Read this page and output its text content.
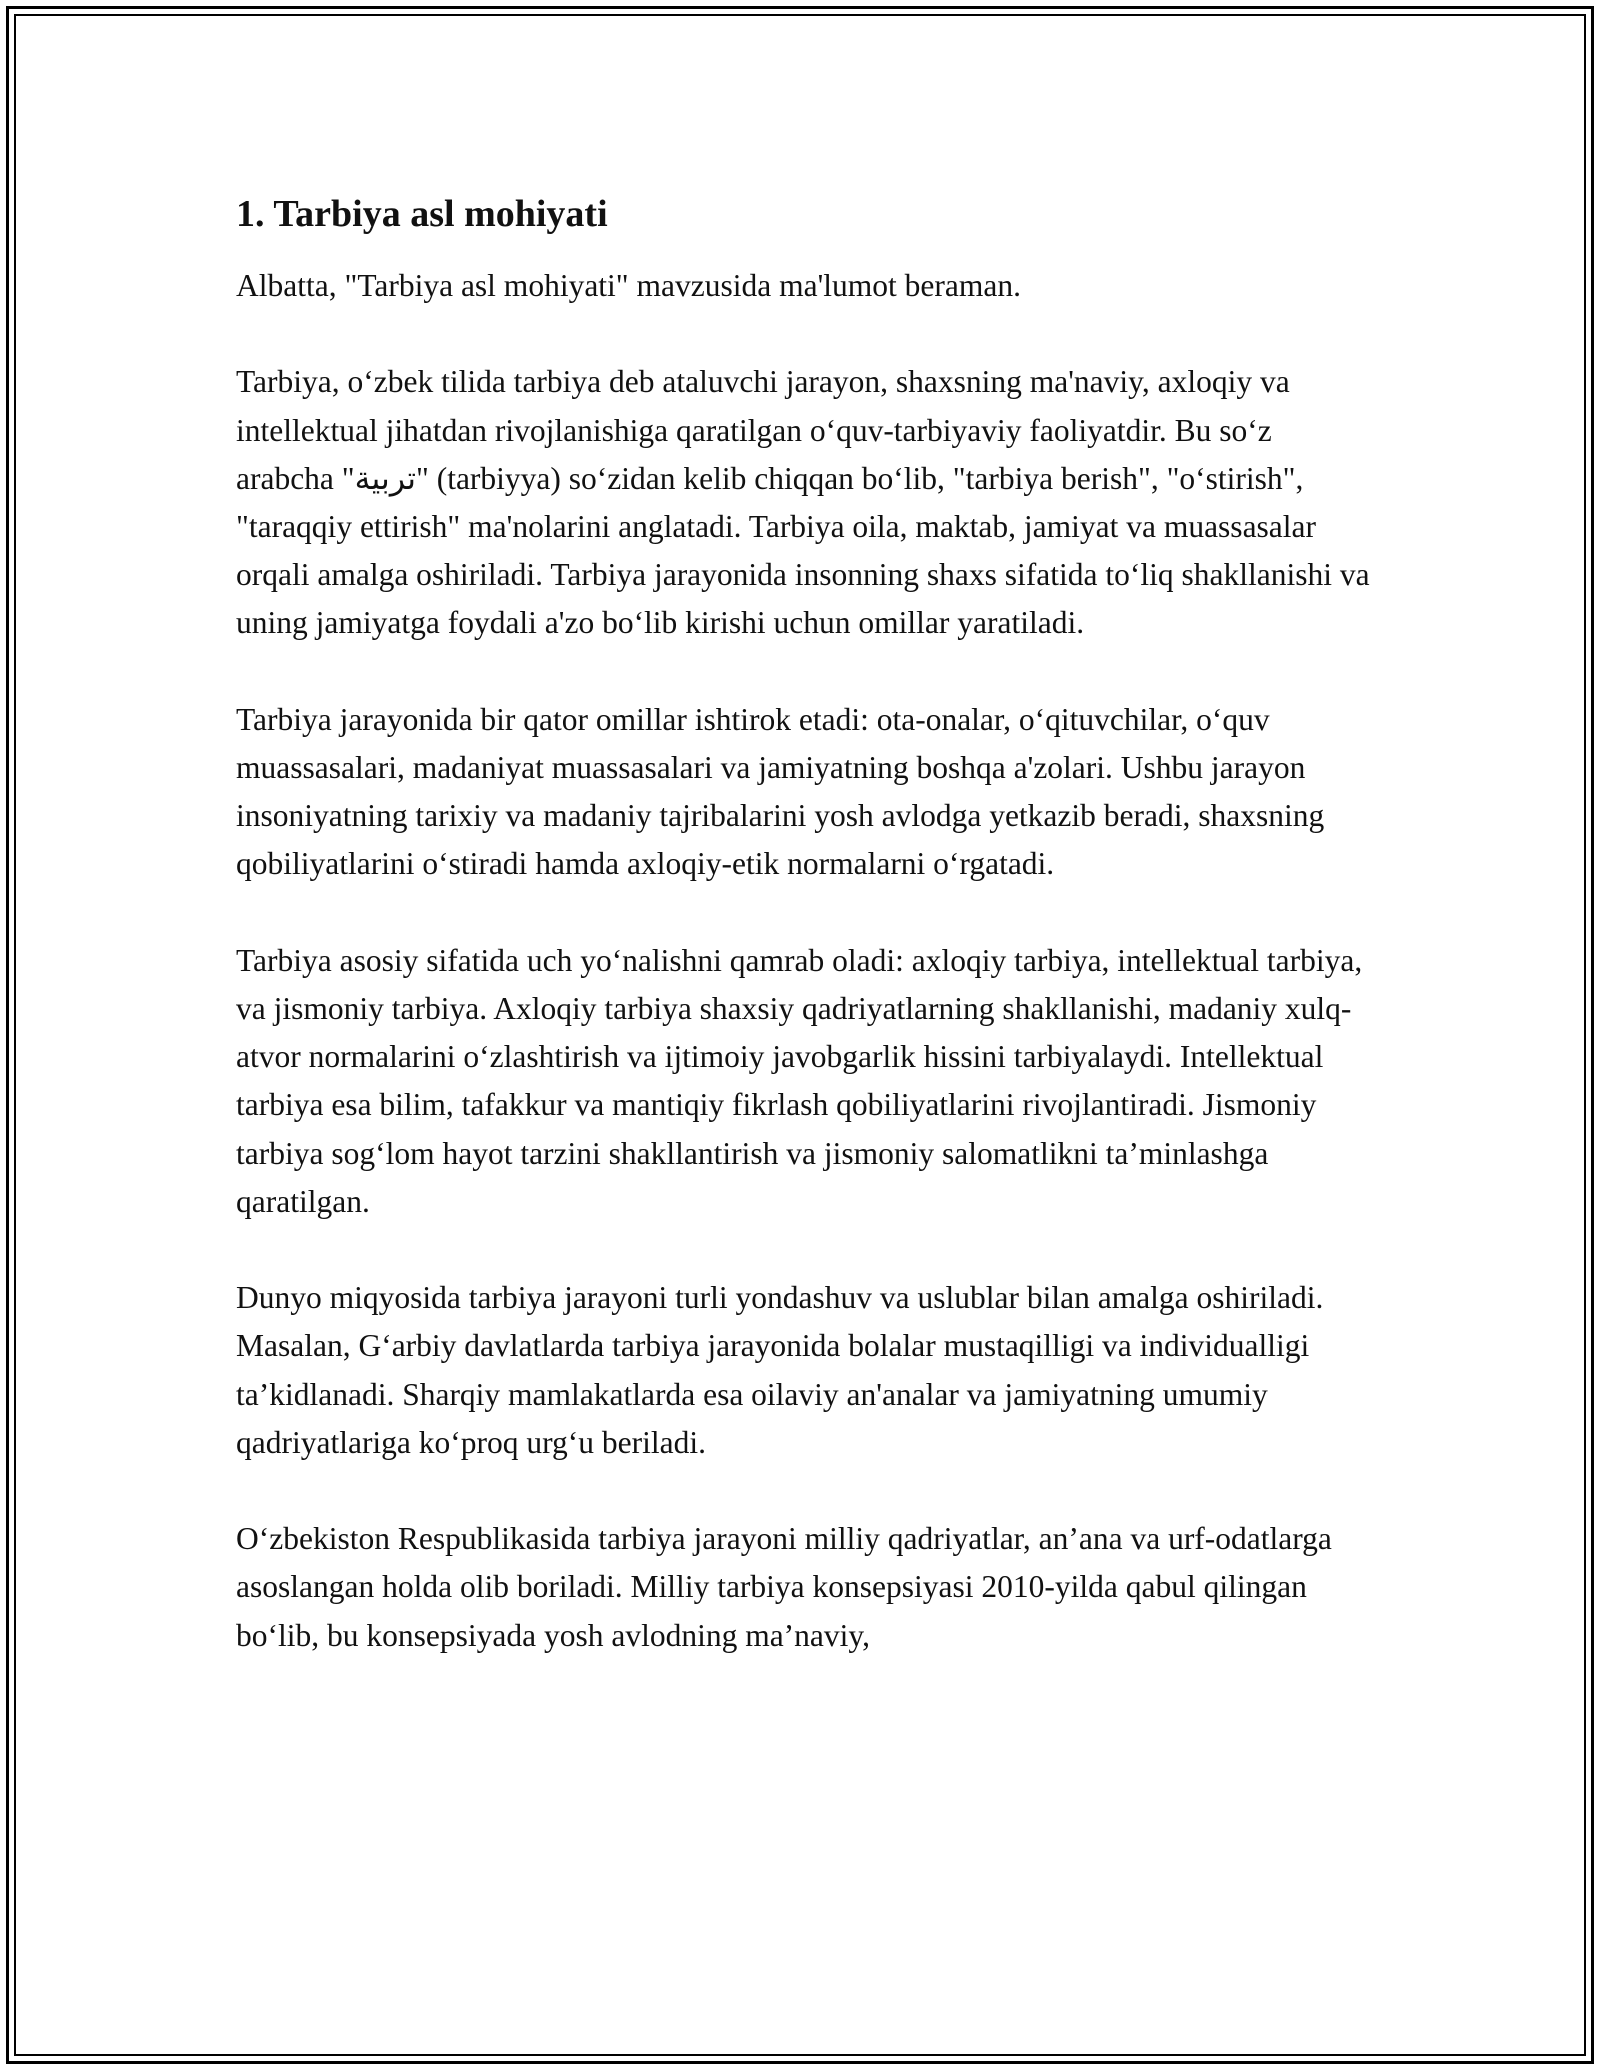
1. Tarbiya asl mohiyati

Albatta, "Tarbiya asl mohiyati" mavzusida ma'lumot beraman.

Tarbiya, o‘zbek tilida tarbiya deb ataluvchi jarayon, shaxsning ma'naviy, axloqiy va intellektual jihatdan rivojlanishiga qaratilgan o‘quv-tarbiyaviy faoliyatdir. Bu so‘z arabcha "تربية" (tarbiyya) so‘zidan kelib chiqqan bo‘lib, "tarbiya berish", "o‘stirish", "taraqqiy ettirish" ma'nolarini anglatadi. Tarbiya oila, maktab, jamiyat va muassasalar orqali amalga oshiriladi. Tarbiya jarayonida insonning shaxs sifatida to‘liq shakllanishi va uning jamiyatga foydali a'zo bo‘lib kirishi uchun omillar yaratiladi.

Tarbiya jarayonida bir qator omillar ishtirok etadi: ota-onalar, o‘qituvchilar, o‘quv muassasalari, madaniyat muassasalari va jamiyatning boshqa a'zolari. Ushbu jarayon insoniyatning tarixiy va madaniy tajribalarini yosh avlodga yetkazib beradi, shaxsning qobiliyatlarini o‘stiradi hamda axloqiy-etik normalarni o‘rgatadi.

Tarbiya asosiy sifatida uch yo‘nalishni qamrab oladi: axloqiy tarbiya, intellektual tarbiya, va jismoniy tarbiya. Axloqiy tarbiya shaxsiy qadriyatlarning shakllanishi, madaniy xulq-atvor normalarini o‘zlashtirish va ijtimoiy javobgarlik hissini tarbiyalaydi. Intellektual tarbiya esa bilim, tafakkur va mantiqiy fikrlash qobiliyatlarini rivojlantiradi. Jismoniy tarbiya sog‘lom hayot tarzini shakllantirish va jismoniy salomatlikni ta’minlashga qaratilgan.

Dunyo miqyosida tarbiya jarayoni turli yondashuv va uslublar bilan amalga oshiriladi. Masalan, G‘arbiy davlatlarda tarbiya jarayonida bolalar mustaqilligi va individualligi ta’kidlanadi. Sharqiy mamlakatlarda esa oilaviy an'analar va jamiyatning umumiy qadriyatlariga ko‘proq urg‘u beriladi.

O‘zbekiston Respublikasida tarbiya jarayoni milliy qadriyatlar, an’ana va urf-odatlarga asoslangan holda olib boriladi. Milliy tarbiya konsepsiyasi 2010-yilda qabul qilingan bo‘lib, bu konsepsiyada yosh avlodning ma’naviy,
